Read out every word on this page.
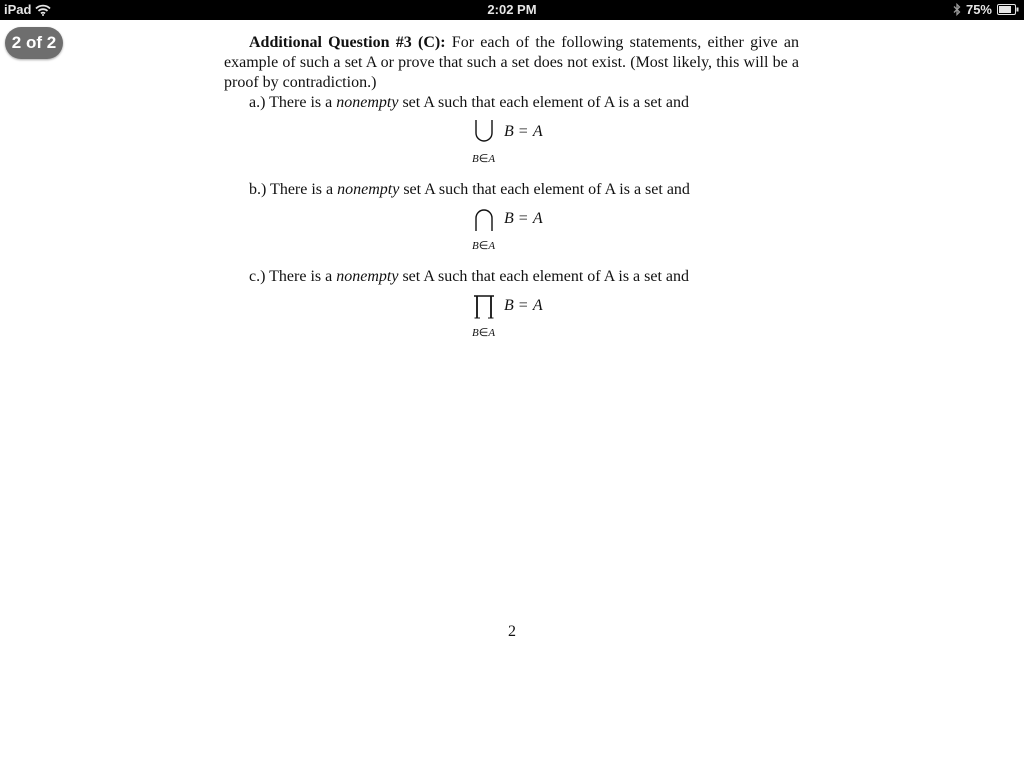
iPad	2:02 PM	75%
2 of 2	Additional Question #3 (C): For each of the following statements, either give an example of such a set A or prove that such a set does not exist. (Most likely, this will be a proof by contradiction.)

a.) There is a nonempty set A such that each element of A is a set and

B = A
B∈A

b.) There is a nonempty set A such that each element of A is a set and

B = A
B∈A

c.) There is a nonempty set A such that each element of A is a set and

B = A
B∈A
2
